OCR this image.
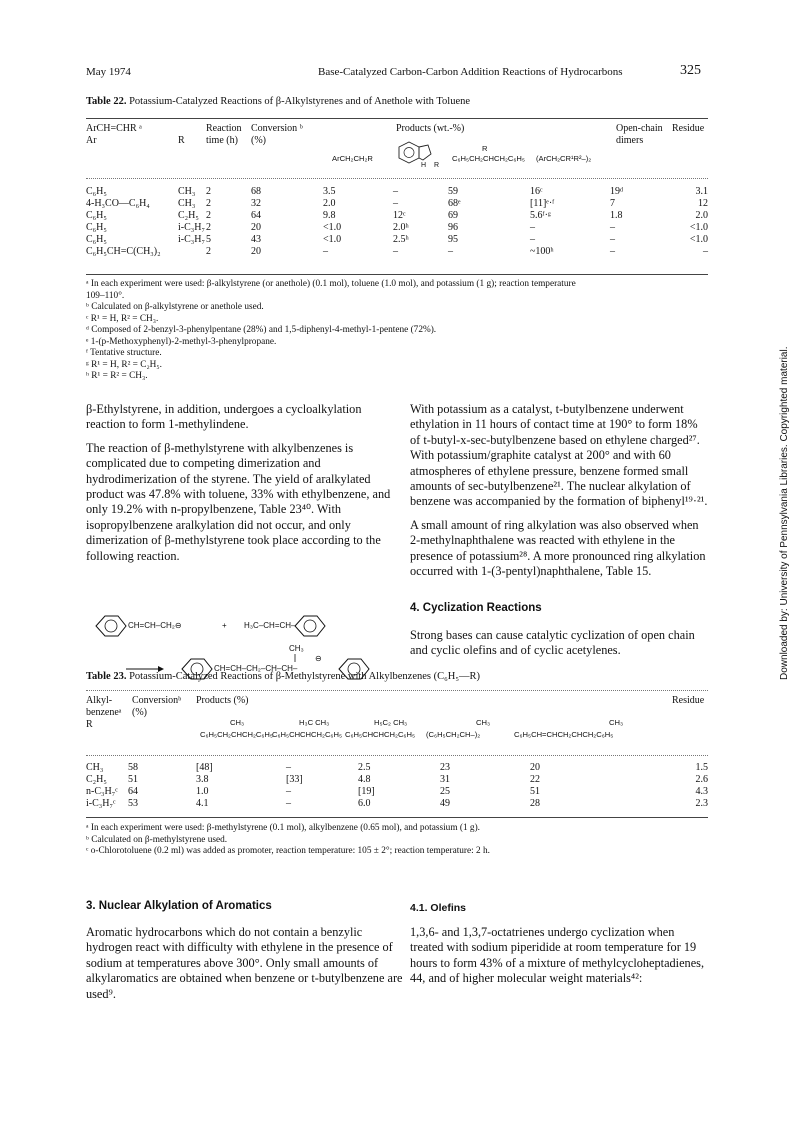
May 1974	Base-Catalyzed Carbon-Carbon Addition Reactions of Hydrocarbons	325
Downloaded by: University of Pennsylvania Libraries. Copyrighted material.
Table 22. Potassium-Catalyzed Reactions of β-Alkylstyrenes and of Anethole with Toluene
ArCH=CHR ᵃ
Ar	R
Reaction
time (h)
Conversion ᵇ
(%)
Products (wt.-%)
ArCH₂CH₂R
H R
C₆H₅CH₂CHCH₂C₆H₅
R
(ArCH₂CR¹R²–)₂
Open-chain
dimers
Residue
C₆H₅	CH₃	2	68	3.5	–	59	16ᶜ	19ᵈ	3.1
4-H₃CO—C₆H₄	CH₃	2	32	2.0	–	68ᵉ	[11]ᵉ·ᶠ	7	12
C₆H₅	C₂H₅	2	64	9.8	12ᶜ	69	5.6ᶠ·ᵍ	1.8	2.0
C₆H₅	i-C₃H₇	2	20	<1.0	2.0ʰ	96	–	–	<1.0
C₆H₅	i-C₃H₇	5	43	<1.0	2.5ʰ	95	–	–	<1.0
C₆H₅CH=C(CH₃)₂		2	20	–	–	–	~100ʰ	–	–
ᵃ In each experiment were used: β-alkylstyrene (or anethole) (0.1 mol), toluene (1.0 mol), and potassium (1 g); reaction temperature
109–110°.
ᵇ Calculated on β-alkylstyrene or anethole used.
ᶜ R¹ = H, R² = CH₃.
ᵈ Composed of 2-benzyl-3-phenylpentane (28%) and 1,5-diphenyl-4-methyl-1-pentene (72%).
ᵉ 1-(p-Methoxyphenyl)-2-methyl-3-phenylpropane.
ᶠ Tentative structure.
ᵍ R¹ = H, R² = C₂H₅.
ʰ R¹ = R² = CH₃.

β-Ethylstyrene, in addition, undergoes a cycloalkylation reaction to form 1-methylindene.

The reaction of β-methylstyrene with alkylbenzenes is complicated due to competing dimerization and hydrodimerization of the styrene. The yield of aralkylated product was 47.8% with toluene, 33% with ethylbenzene, and only 19.2% with n-propylbenzene, Table 23⁴⁰. With isopropylbenzene aralkylation did not occur, and only dimerization of β-methylstyrene took place according to the following reaction.

CH=CH–CH₂⊖	+ H₃C–CH=CH–
CH₃
⊖
CH=CH–CH₂–CH–CH–

With potassium as a catalyst, t-butylbenzene underwent ethylation in 11 hours of contact time at 190° to form 18% of t-butyl-x-sec-butylbenzene based on ethylene charged²⁷. With potassium/graphite catalyst at 200° and with 60 atmospheres of ethylene pressure, benzene formed small amounts of sec-butylbenzene²¹. The nuclear alkylation of benzene was accompanied by the formation of biphenyl¹⁹·²¹.

A small amount of ring alkylation was also observed when 2-methylnaphthalene was reacted with ethylene in the presence of potassium²⁸. A more pronounced ring alkylation occurred with 1-(3-pentyl)naphthalene, Table 15.

4. Cyclization Reactions

Strong bases can cause catalytic cyclization of open chain and cyclic olefins and of cyclic acetylenes.

Table 23. Potassium-Catalyzed Reactions of β-Methylstyrene with Alkylbenzenes (C₆H₅—R)
Alkyl-
benzeneᵃ
R
Conversionᵇ
(%)
Products (%)	Residue
CH₃
C₆H₅CH₂CHCH₂C₆H₅
H₃C CH₃
C₆H₅CHCHCH₂C₆H₅
H₅C₂ CH₃
C₆H₅CHCHCH₂C₆H₅
CH₃
(C₆H₅CH₂CH–)₂
CH₃
C₆H₅CH=CHCH₂CHCH₂C₆H₅
CH₃	58	[48]	–	2.5	23	20	1.5
C₂H₅	51	3.8	[33]	4.8	31	22	2.6
n-C₃H₇ᶜ	64	1.0	–	[19]	25	51	4.3
i-C₃H₇ᶜ	53	4.1	–	6.0	49	28	2.3
ᵃ In each experiment were used: β-methylstyrene (0.1 mol), alkylbenzene (0.65 mol), and potassium (1 g).
ᵇ Calculated on β-methylstyrene used.
ᶜ o-Chlorotoluene (0.2 ml) was added as promoter, reaction temperature: 105 ± 2°; reaction temperature: 2 h.
3. Nuclear Alkylation of Aromatics

Aromatic hydrocarbons which do not contain a benzylic hydrogen react with difficulty with ethylene in the presence of sodium at temperatures above 300°. Only small amounts of alkylaromatics are obtained when benzene or t-butylbenzene are used⁹.

4.1. Olefins

1,3,6- and 1,3,7-octatrienes undergo cyclization when treated with sodium piperidide at room temperature for 19 hours to form 43% of a mixture of methylcycloheptadienes, 44, and of higher molecular weight materials⁴²:
